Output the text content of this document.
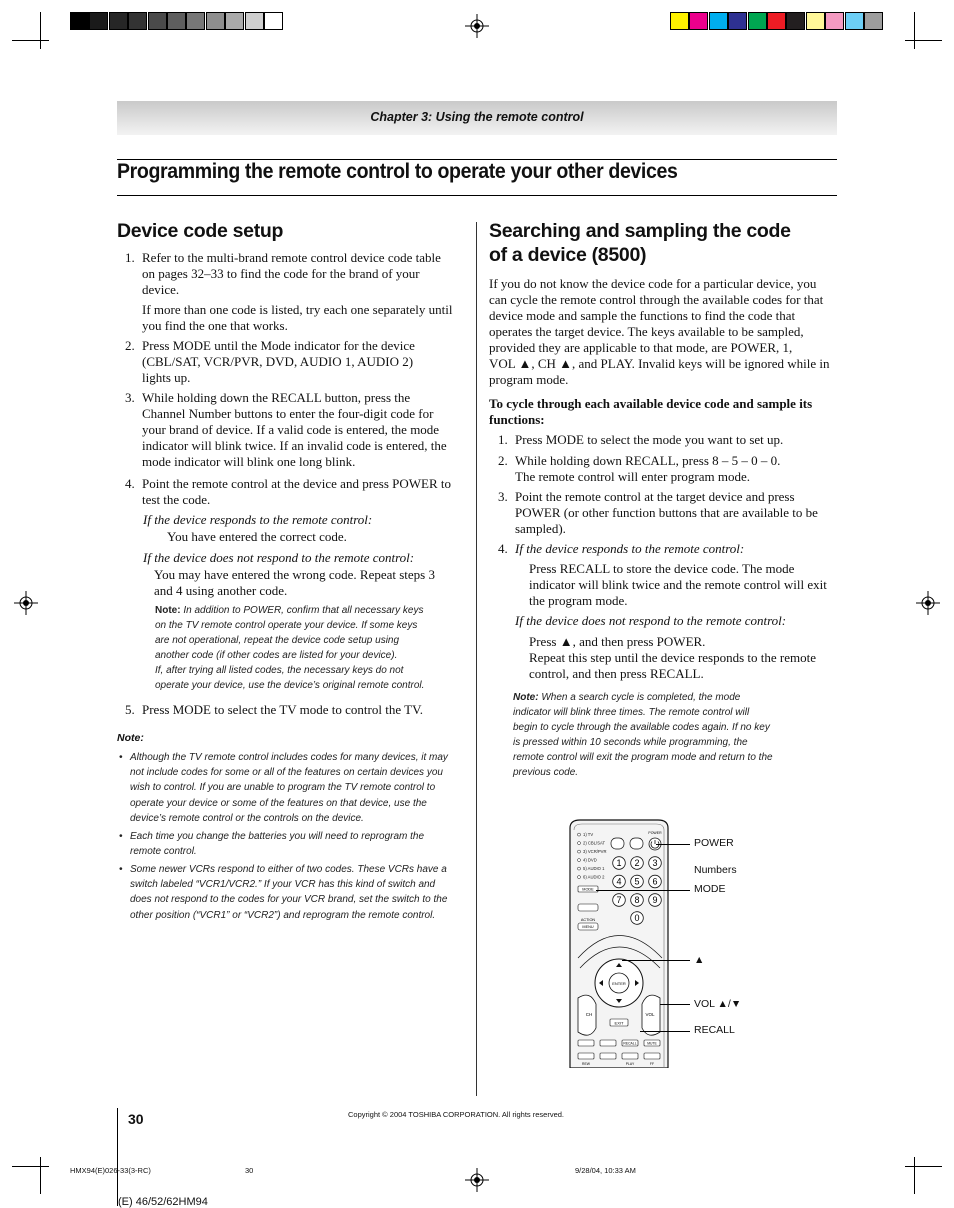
Chapter 3: Using the remote control
Programming the remote control to operate your other devices
Device code setup
1. Refer to the multi-brand remote control device code table
on pages 32–33 to find the code for the brand of your
device.
If more than one code is listed, try each one separately until
you find the one that works.
2. Press MODE until the Mode indicator for the device
(CBL/SAT, VCR/PVR, DVD, AUDIO 1, AUDIO 2)
lights up.
3. While holding down the RECALL button, press the
Channel Number buttons to enter the four-digit code for
your brand of device. If a valid code is entered, the mode
indicator will blink twice. If an invalid code is entered, the
mode indicator will blink one long blink.
4. Point the remote control at the device and press POWER to
test the code.
If the device responds to the remote control:
You have entered the correct code.
If the device does not respond to the remote control:
You may have entered the wrong code. Repeat steps 3
and 4 using another code.
Note: In addition to POWER, confirm that all necessary keys
on the TV remote control operate your device. If some keys
are not operational, repeat the device code setup using
another code (if other codes are listed for your device).
If, after trying all listed codes, the necessary keys do not
operate your device, use the device’s original remote control.
5. Press MODE to select the TV mode to control the TV.
Note:
• Although the TV remote control includes codes for many devices, it may
not include codes for some or all of the features on certain devices you
wish to control. If you are unable to program the TV remote control to
operate your device or some of the features on that device, use the
device’s remote control or the controls on the device.
• Each time you change the batteries you will need to reprogram the
remote control.
• Some newer VCRs respond to either of two codes. These VCRs have a
switch labeled “VCR1/VCR2.” If your VCR has this kind of switch and
does not respond to the codes for your VCR brand, set the switch to the
other position (“VCR1” or “VCR2”) and reprogram the remote control.
Searching and sampling the code
of a device (8500)
If you do not know the device code for a particular device, you
can cycle the remote control through the available codes for that
device mode and sample the functions to find the code that
operates the target device. The keys available to be sampled,
provided they are applicable to that mode, are POWER, 1,
VOL ▲, CH ▲, and PLAY. Invalid keys will be ignored while in
program mode.
To cycle through each available device code and sample its
functions:
1. Press MODE to select the mode you want to set up.
2. While holding down RECALL, press 8 – 5 – 0 – 0.
The remote control will enter program mode.
3. Point the remote control at the target device and press
POWER (or other function buttons that are available to be
sampled).
4. If the device responds to the remote control:
Press RECALL to store the device code. The mode
indicator will blink twice and the remote control will exit
the program mode.
If the device does not respond to the remote control:
Press ▲, and then press POWER.
Repeat this step until the device responds to the remote
control, and then press RECALL.
Note: When a search cycle is completed, the mode
indicator will blink three times. The remote control will
begin to cycle through the available codes again. If no key
is pressed within 10 seconds while programming, the
remote control will exit the program mode and return to the
previous code.
1) TV
2) CBL/SAT
3) VCR/PVR
4) DVD
5) AUDIO 1
6) AUDIO 2
MODE
POWER
1 2 3
4 5 6
7 8 9
0
ACTION
MENU
ENTER
CH	VOL
EXIT
RECALL	MUTE
REW	PLAY	FF
POWER
Numbers
MODE
▲
VOL ▲/▼
RECALL
30	Copyright © 2004 TOSHIBA CORPORATION. All rights reserved.
HMX94(E)026-33(3-RC)	30	9/28/04, 10:33 AM
(E) 46/52/62HM94
